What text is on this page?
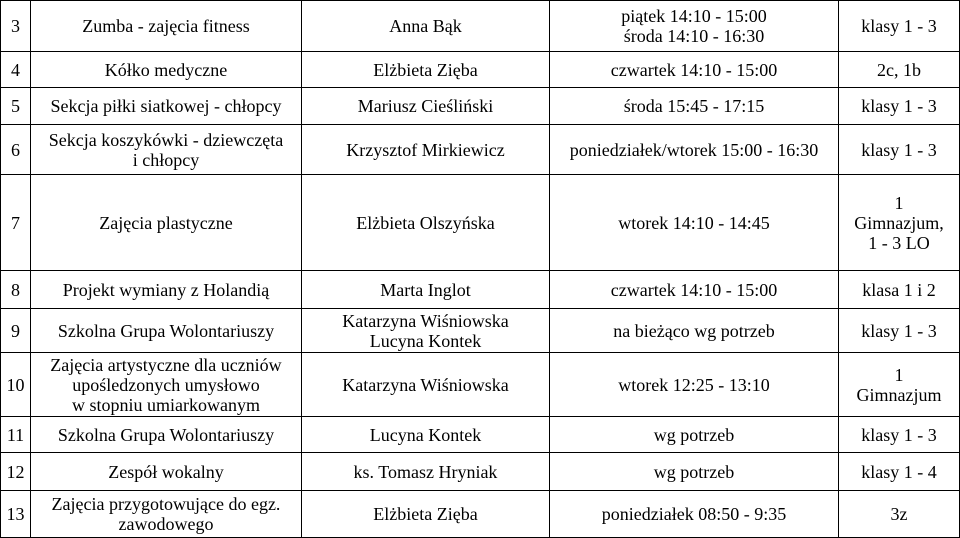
3	Zumba - zajęcia fitness	Anna Bąk	piątek 14:10 - 15:00
środa 14:10 - 16:30	klasy 1 - 3

4	Kółko medyczne	Elżbieta Zięba	czwartek 14:10 - 15:00	2c, 1b

5	Sekcja piłki siatkowej - chłopcy	Mariusz Cieśliński	środa 15:45 - 17:15	klasy 1 - 3

6	Sekcja koszykówki - dziewczęta
i chłopcy	Krzysztof Mirkiewicz	poniedziałek/wtorek 15:00 - 16:30	klasy 1 - 3

7	Zajęcia plastyczne	Elżbieta Olszyńska	wtorek 14:10 - 14:45	1
Gimnazjum,
1 - 3 LO

8	Projekt wymiany z Holandią	Marta Inglot	czwartek 14:10 - 15:00	klasa 1 i 2

9	Szkolna Grupa Wolontariuszy	Katarzyna Wiśniowska
Lucyna Kontek	na bieżąco wg potrzeb	klasy 1 - 3

10	Zajęcia artystyczne dla uczniów
upośledzonych umysłowo
w stopniu umiarkowanym	Katarzyna Wiśniowska	wtorek 12:25 - 13:10	1
Gimnazjum

11	Szkolna Grupa Wolontariuszy	Lucyna Kontek	wg potrzeb	klasy 1 - 3

12	Zespół wokalny	ks. Tomasz Hryniak	wg potrzeb	klasy 1 - 4

13	Zajęcia przygotowujące do egz.
zawodowego	Elżbieta Zięba	poniedziałek 08:50 - 9:35	3z
